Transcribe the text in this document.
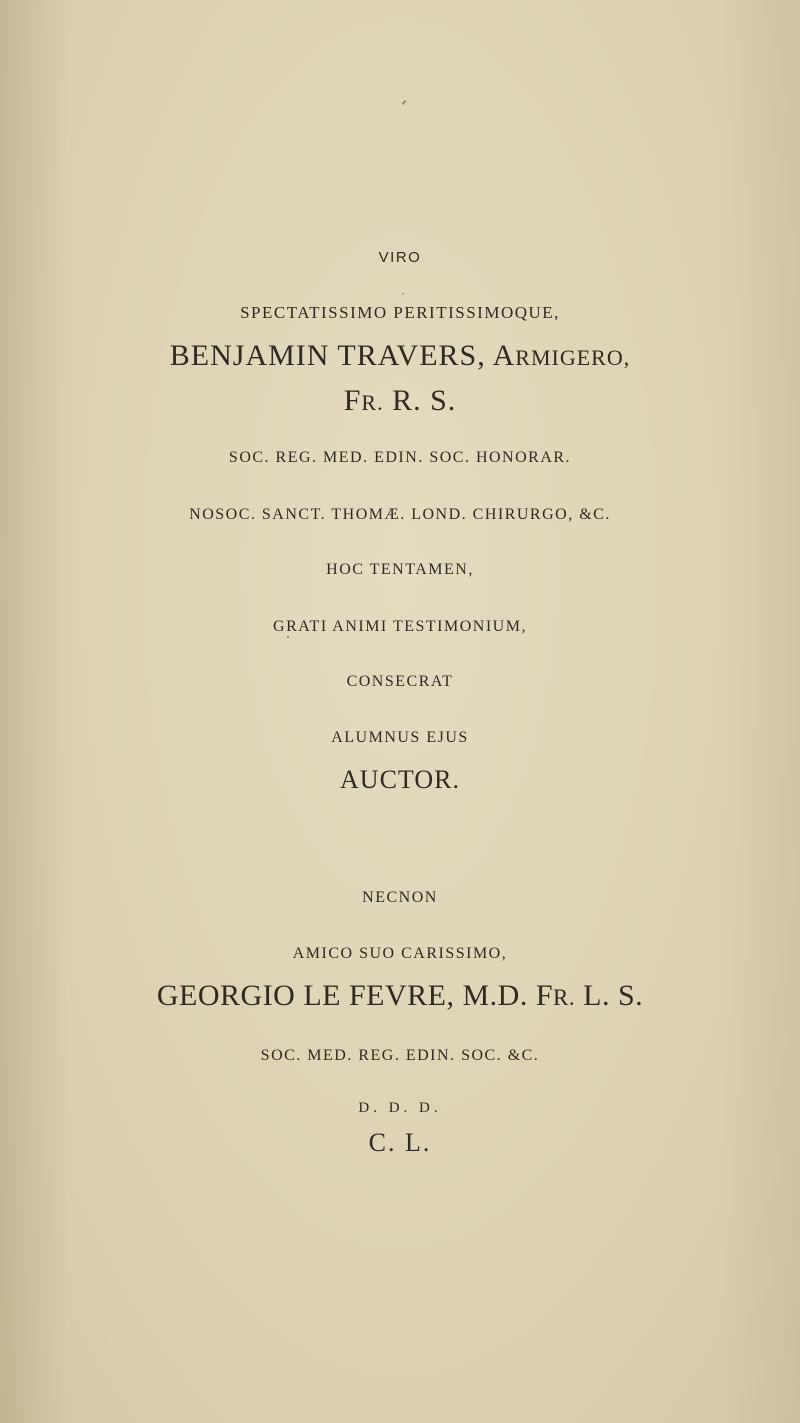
VIRO
SPECTATISSIMO PERITISSIMOQUE,
BENJAMIN TRAVERS, ARMIGERO,
FR. R. S.
SOC. REG. MED. EDIN. SOC. HONORAR.
NOSOC. SANCT. THOMÆ. LOND. CHIRURGO, &C.
HOC TENTAMEN,
GRATI ANIMI TESTIMONIUM,
CONSECRAT
ALUMNUS EJUS
AUCTOR.
NECNON
AMICO SUO CARISSIMO,
GEORGIO LE FEVRE, M.D. FR. L. S.
SOC. MED. REG. EDIN. SOC. &C.
D. D. D.
C. L.
